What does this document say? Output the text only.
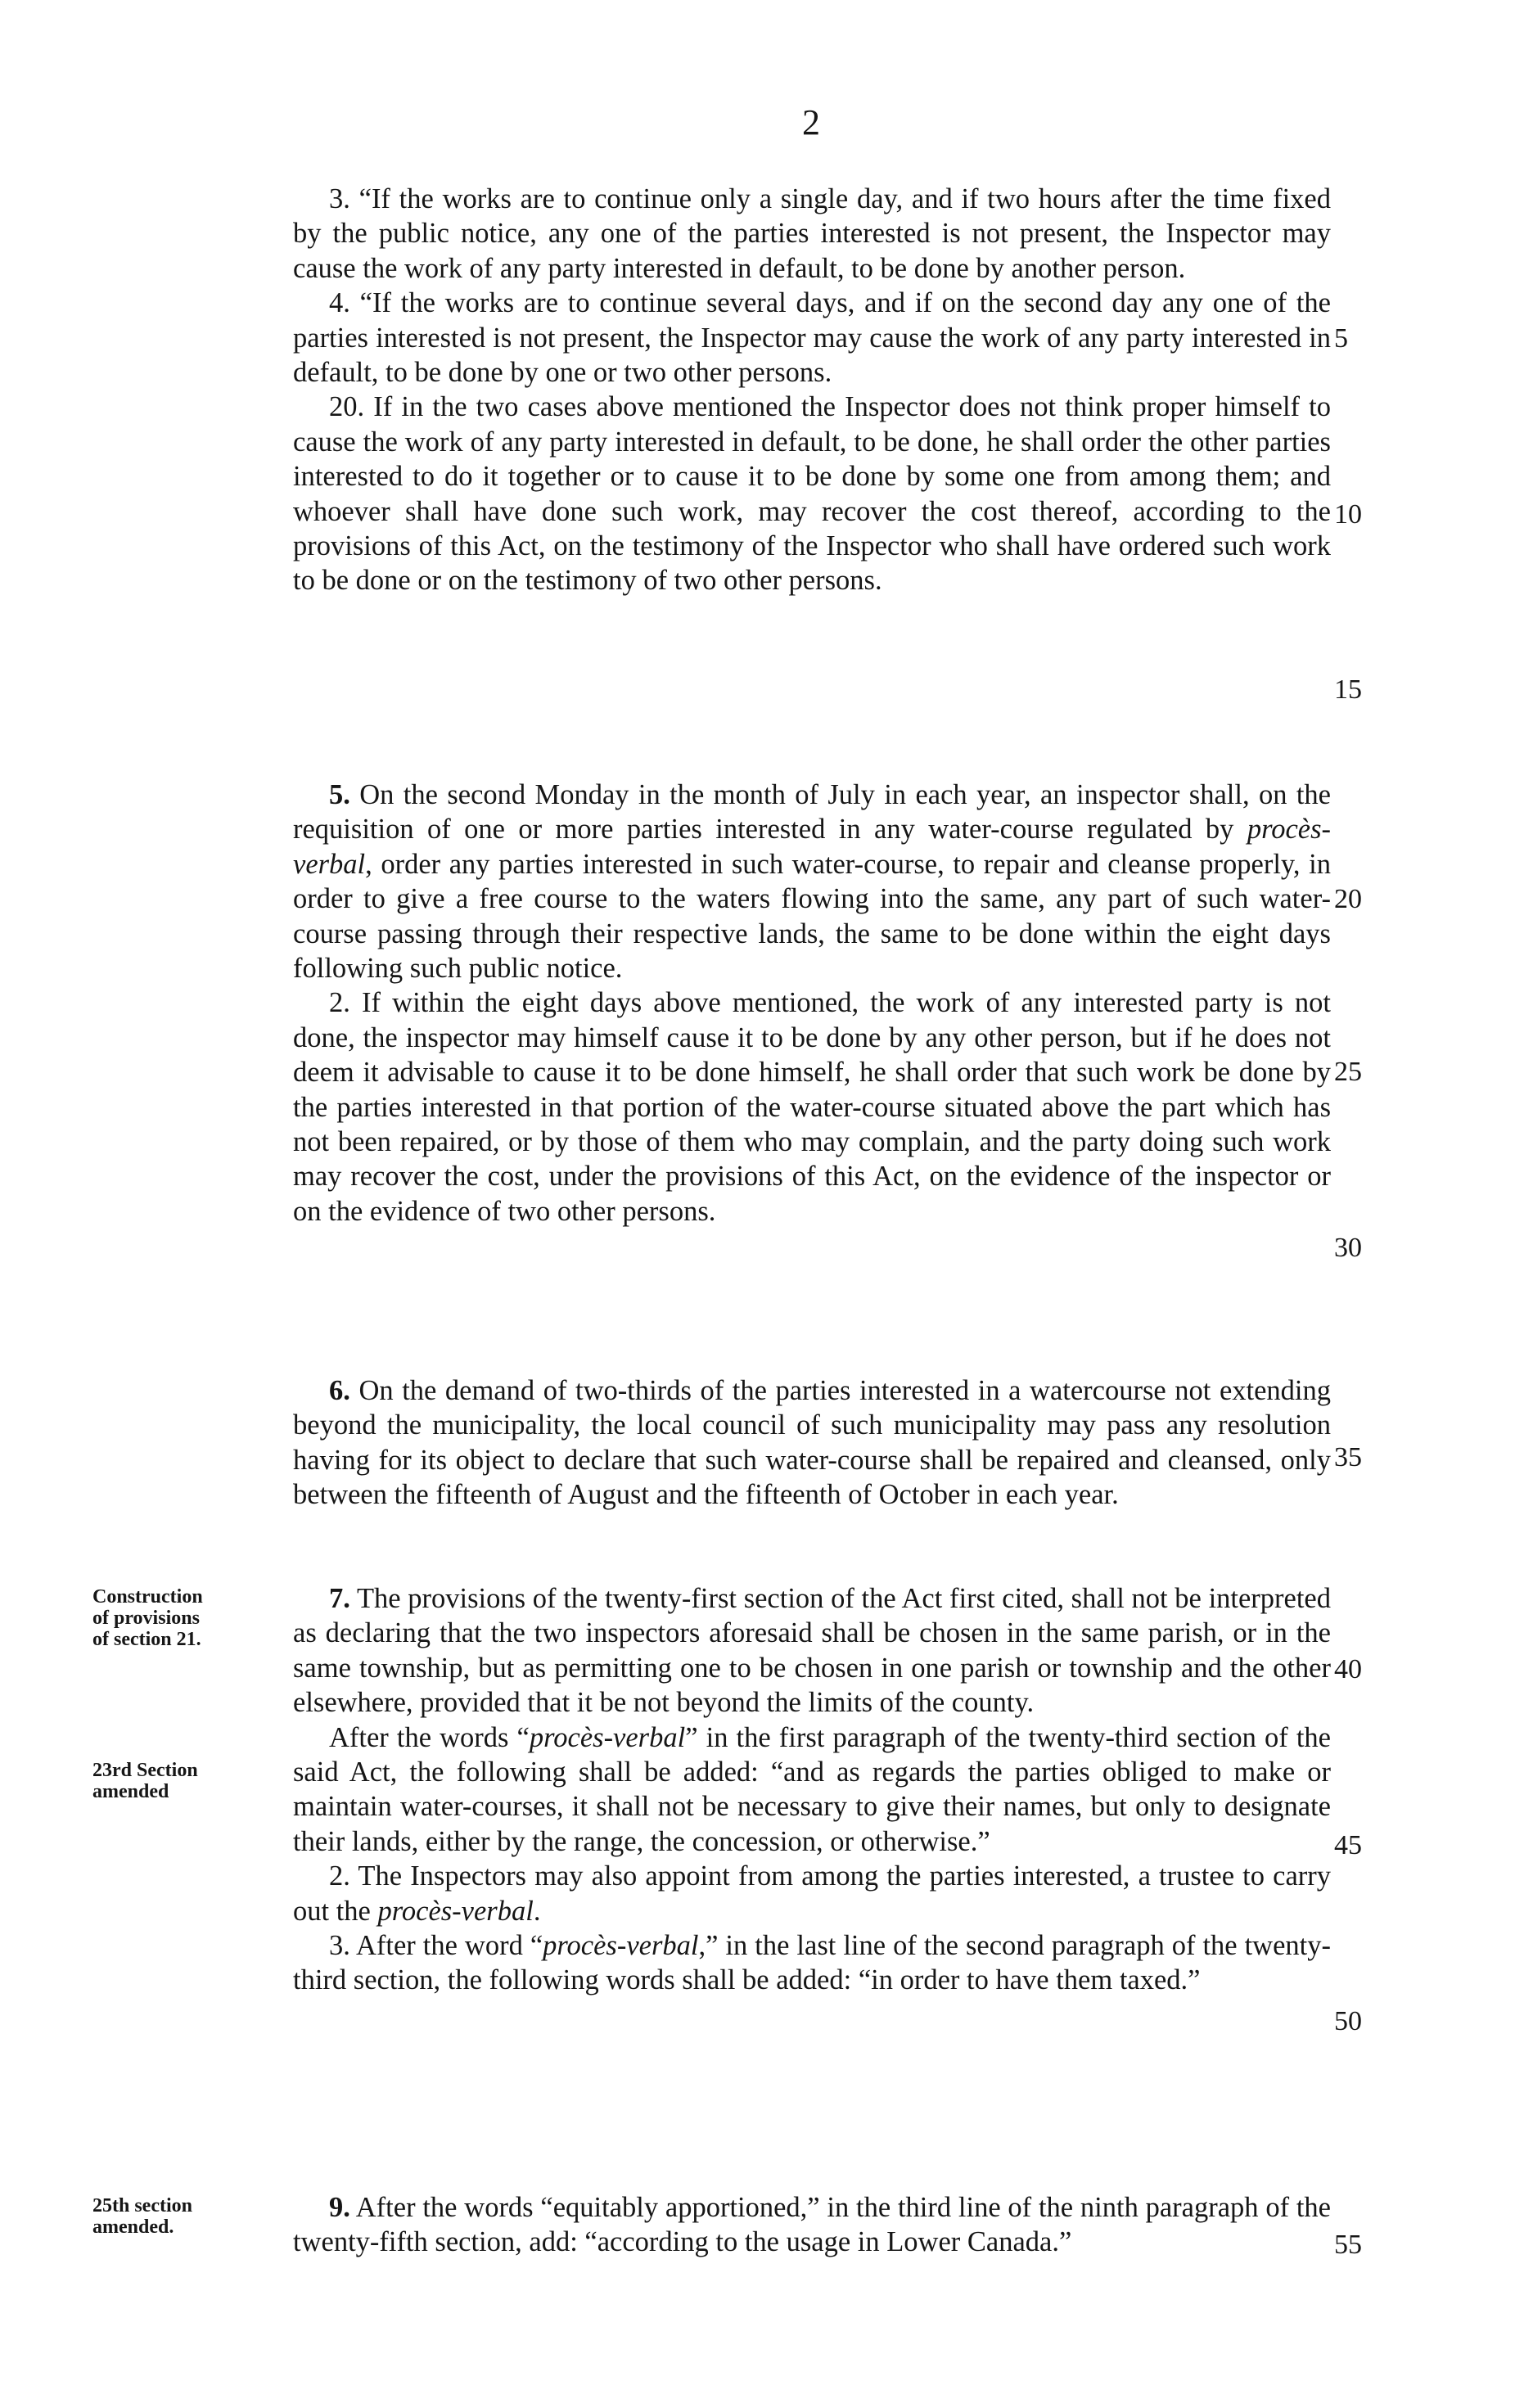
2

3. “If the works are to continue only a single day, and if two hours after the time fixed by the public notice, any one of the parties interested is not present, the Inspector may cause the work of any party interested in default, to be done by another person.

4. “If the works are to continue several days, and if on the second day any one of the parties interested is not present, the Inspector may cause the work of any party interested in default, to be done by one or two other persons.

20. If in the two cases above mentioned the Inspector does not think proper himself to cause the work of any party interested in default, to be done, he shall order the other parties interested to do it together or to cause it to be done by some one from among them; and whoever shall have done such work, may recover the cost thereof, according to the provisions of this Act, on the testimony of the Inspector who shall have ordered such work to be done or on the testimony of two other persons.

5. On the second Monday in the month of July in each year, an inspector shall, on the requisition of one or more parties interested in any water-course regulated by procès-verbal, order any parties interested in such water-course, to repair and cleanse properly, in order to give a free course to the waters flowing into the same, any part of such water-course passing through their respective lands, the same to be done within the eight days following such public notice.

2. If within the eight days above mentioned, the work of any interested party is not done, the inspector may himself cause it to be done by any other person, but if he does not deem it advisable to cause it to be done himself, he shall order that such work be done by the parties interested in that portion of the water-course situated above the part which has not been repaired, or by those of them who may complain, and the party doing such work may recover the cost, under the provisions of this Act, on the evidence of the inspector or on the evidence of two other persons.

6. On the demand of two-thirds of the parties interested in a watercourse not extending beyond the municipality, the local council of such municipality may pass any resolution having for its object to declare that such water-course shall be repaired and cleansed, only between the fifteenth of August and the fifteenth of October in each year.

7. The provisions of the twenty-first section of the Act first cited, shall not be interpreted as declaring that the two inspectors aforesaid shall be chosen in the same parish, or in the same township, but as permitting one to be chosen in one parish or township and the other elsewhere, provided that it be not beyond the limits of the county.

After the words “procès-verbal” in the first paragraph of the twenty-third section of the said Act, the following shall be added: “and as regards the parties obliged to make or maintain water-courses, it shall not be necessary to give their names, but only to designate their lands, either by the range, the concession, or otherwise.”

2. The Inspectors may also appoint from among the parties interested, a trustee to carry out the procès-verbal.

3. After the word “procès-verbal,” in the last line of the second paragraph of the twenty-third section, the following words shall be added: “in order to have them taxed.”

9. After the words “equitably apportioned,” in the third line of the ninth paragraph of the twenty-fifth section, add: “according to the usage in Lower Canada.”

Construction
of provisions
of section 21.
23rd Section
amended
25th section
amended.
5
10
15
20
25
30
35
40
45
50
55
